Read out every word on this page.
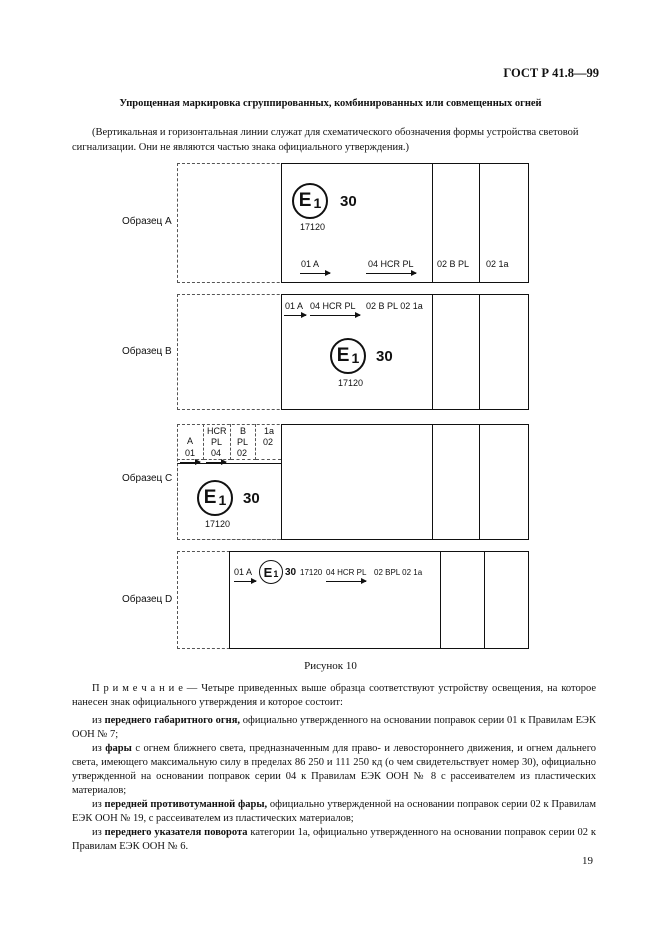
ГОСТ Р 41.8—99
Упрощенная маркировка сгруппированных, комбинированных или совмещенных огней
(Вертикальная и горизонтальная линии служат для схематического обозначения формы устройства световой сигнализации. Они не являются частью знака официального утверждения.)
Образец A
E 1 30
17120
01 A	04 HCR PL	02 B PL 02 1a
Образец B
01 A 04 HCR PL 02 B PL 02 1a
E 1 30
17120
Образец C
A
01
HCR
PL
04
B
PL
02
1a
02
E 1 30
17120
Образец D
01 A E 1 30 17120 04 HCR PL 02 BPL 02 1a
Рисунок 10

П р и м е ч а н и е — Четыре приведенных выше образца соответствуют устройству освещения, на которое нанесен знак официального утверждения и которое состоит:

из переднего габаритного огня, официально утвержденного на основании поправок серии 01 к Правилам ЕЭК ООН № 7;

из фары с огнем ближнего света, предназначенным для право- и левостороннего движения, и огнем дальнего света, имеющего максимальную силу в пределах 86 250 и 111 250 кд (о чем свидетельствует номер 30), официально утвержденной на основании поправок серии 04 к Правилам ЕЭК ООН № 8 с рассеивателем из пластических материалов;

из передней противотуманной фары, официально утвержденной на основании поправок серии 02 к Правилам ЕЭК ООН № 19, с рассеивателем из пластических материалов;

из переднего указателя поворота категории 1a, официально утвержденного на основании поправок серии 02 к Правилам ЕЭК ООН № 6.

19
